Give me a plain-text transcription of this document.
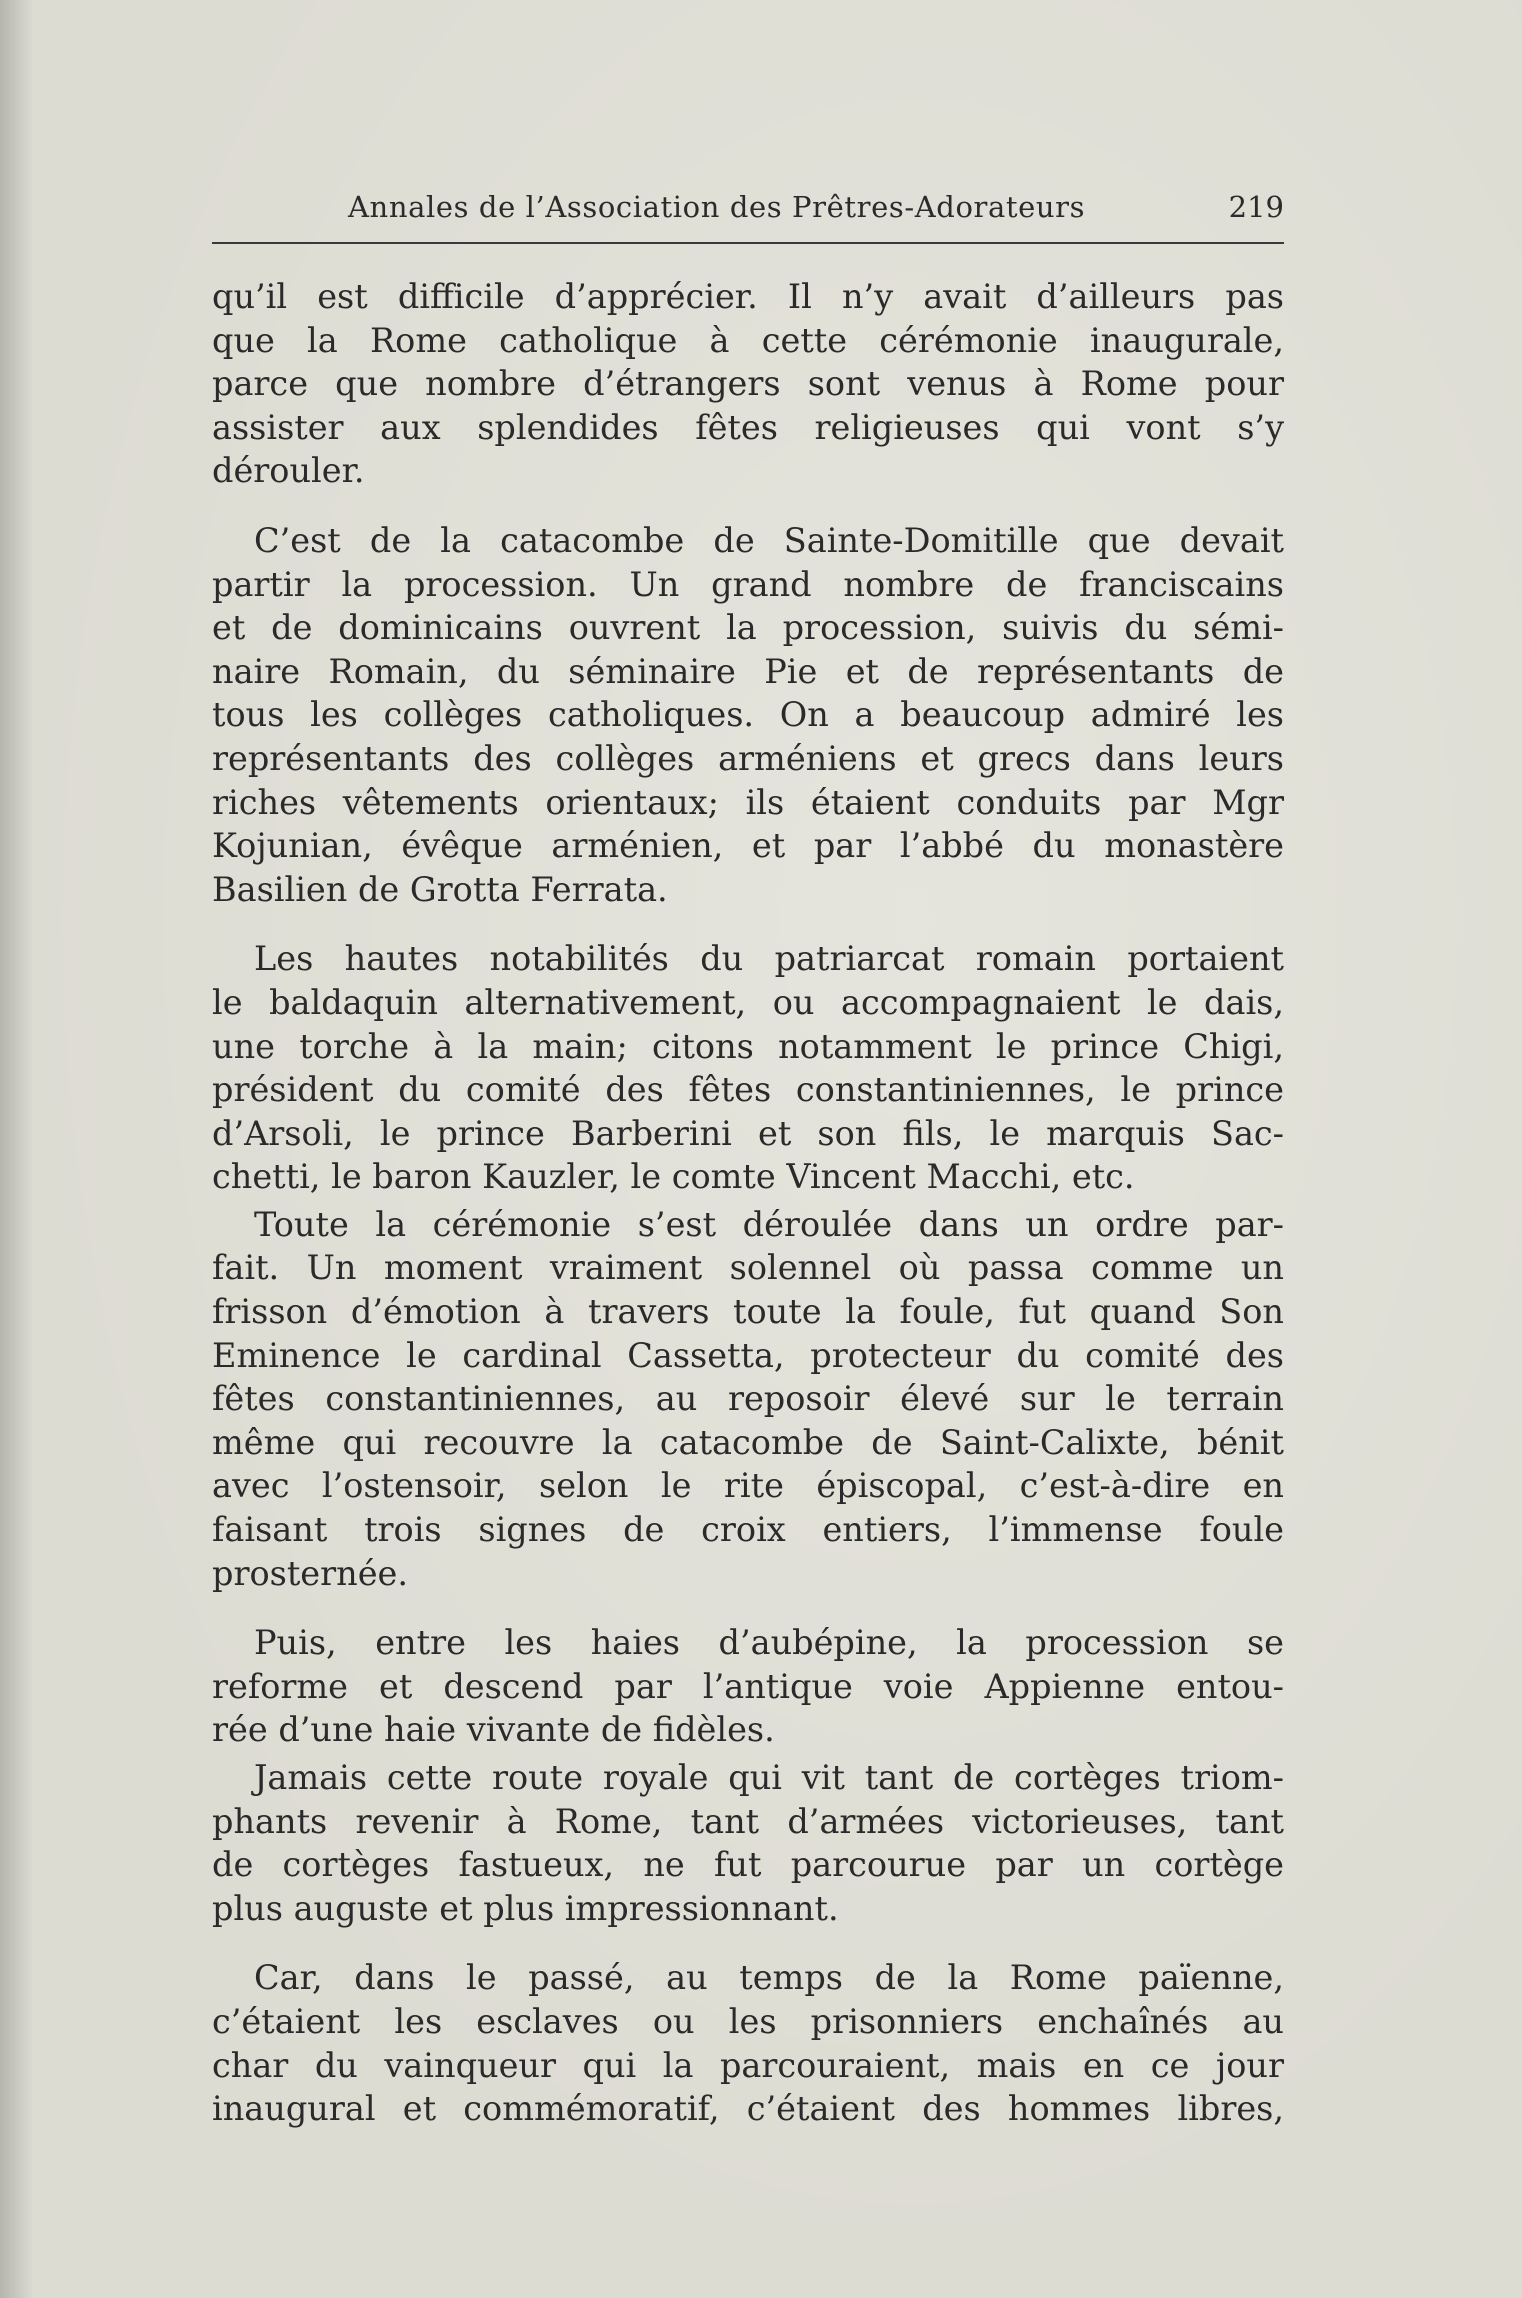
Annales de l’Association des Prêtres-Adorateurs	219

qu’il est difficile d’apprécier. Il n’y avait d’ailleurs pas
que la Rome catholique à cette cérémonie inaugurale,
parce que nombre d’étrangers sont venus à Rome pour
assister aux splendides fêtes religieuses qui vont s’y
dérouler.

C’est de la catacombe de Sainte-Domitille que devait
partir la procession. Un grand nombre de franciscains
et de dominicains ouvrent la procession, suivis du sémi-
naire Romain, du séminaire Pie et de représentants de
tous les collèges catholiques. On a beaucoup admiré les
représentants des collèges arméniens et grecs dans leurs
riches vêtements orientaux; ils étaient conduits par Mgr
Kojunian, évêque arménien, et par l’abbé du monastère
Basilien de Grotta Ferrata.

Les hautes notabilités du patriarcat romain portaient
le baldaquin alternativement, ou accompagnaient le dais,
une torche à la main; citons notamment le prince Chigi,
président du comité des fêtes constantiniennes, le prince
d’Arsoli, le prince Barberini et son fils, le marquis Sac-
chetti, le baron Kauzler, le comte Vincent Macchi, etc.

Toute la cérémonie s’est déroulée dans un ordre par-
fait. Un moment vraiment solennel où passa comme un
frisson d’émotion à travers toute la foule, fut quand Son
Eminence le cardinal Cassetta, protecteur du comité des
fêtes constantiniennes, au reposoir élevé sur le terrain
même qui recouvre la catacombe de Saint-Calixte, bénit
avec l’ostensoir, selon le rite épiscopal, c’est-à-dire en
faisant trois signes de croix entiers, l’immense foule
prosternée.

Puis, entre les haies d’aubépine, la procession se
reforme et descend par l’antique voie Appienne entou-
rée d’une haie vivante de fidèles.

Jamais cette route royale qui vit tant de cortèges triom-
phants revenir à Rome, tant d’armées victorieuses, tant
de cortèges fastueux, ne fut parcourue par un cortège
plus auguste et plus impressionnant.

Car, dans le passé, au temps de la Rome païenne,
c’étaient les esclaves ou les prisonniers enchaînés au
char du vainqueur qui la parcouraient, mais en ce jour
inaugural et commémoratif, c’étaient des hommes libres,
